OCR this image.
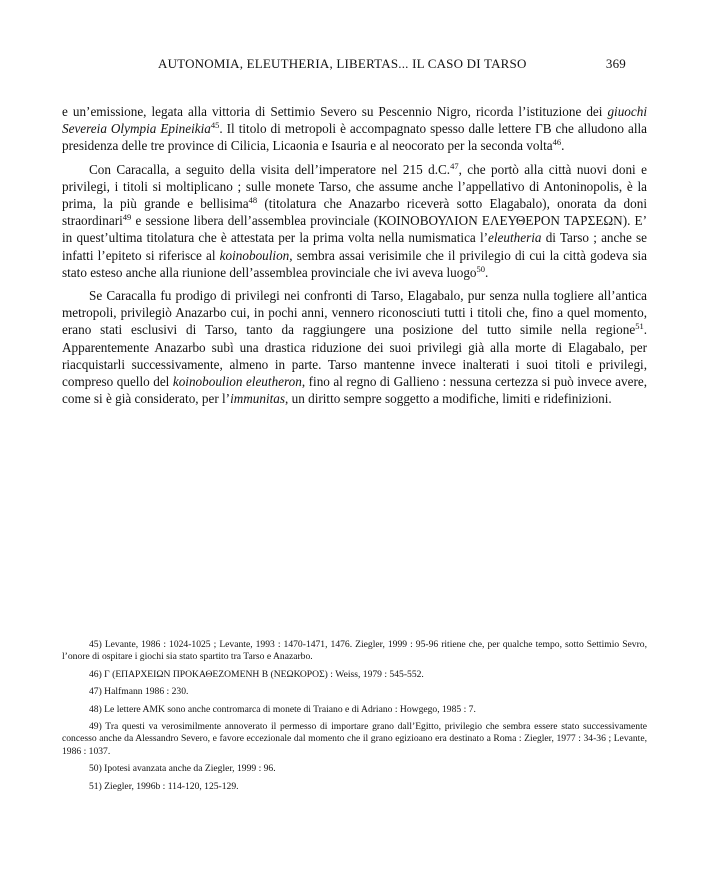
AUTONOMIA, ELEUTHERIA, LIBERTAS... IL CASO DI TARSO	369

e un’emissione, legata alla vittoria di Settimio Severo su Pescennio Nigro, ricorda l’istituzione dei giuochi Severeia Olympia Epineikia$^{45}$. Il titolo di metropoli è accompagnato spesso dalle lettere ΓΒ che alludono alla presidenza delle tre province di Cilicia, Licaonia e Isauria e al neocorato per la seconda volta$^{46}$.

Con Caracalla, a seguito della visita dell’imperatore nel 215 d.C.$^{47}$, che portò alla città nuovi doni e privilegi, i titoli si moltiplicano ; sulle monete Tarso, che assume anche l’appellativo di Antoninopolis, è la prima, la più grande e bellisima$^{48}$ (titolatura che Anazarbo riceverà sotto Elagabalo), onorata da doni straordinari$^{49}$ e sessione libera dell’assemblea provinciale (ΚΟΙΝΟΒΟΥΛΙΟΝ ΕΛΕΥΘΕΡΟΝ ΤΑΡΣΕΩΝ). E’ in quest’ultima titolatura che è attestata per la prima volta nella numismatica l’eleutheria di Tarso ; anche se infatti l’epiteto si riferisce al koinoboulion, sembra assai verisimile che il privilegio di cui la città godeva sia stato esteso anche alla riunione dell’assemblea provinciale che ivi aveva luogo$^{50}$.

Se Caracalla fu prodigo di privilegi nei confronti di Tarso, Elagabalo, pur senza nulla togliere all’antica metropoli, privilegiò Anazarbo cui, in pochi anni, vennero riconosciuti tutti i titoli che, fino a quel momento, erano stati esclusivi di Tarso, tanto da raggiungere una posizione del tutto simile nella regione$^{51}$. Apparentemente Anazarbo subì una drastica riduzione dei suoi privilegi già alla morte di Elagabalo, per riacquistarli successivamente, almeno in parte. Tarso mantenne invece inalterati i suoi titoli e privilegi, compreso quello del koinoboulion eleutheron, fino al regno di Gallieno : nessuna certezza si può invece avere, come si è già considerato, per l’immunitas, un diritto sempre soggetto a modifiche, limiti e ridefinizioni.

45) Levante, 1986 : 1024-1025 ; Levante, 1993 : 1470-1471, 1476. Ziegler, 1999 : 95-96 ritiene che, per qualche tempo, sotto Settimio Sevro, l’onore di ospitare i giochi sia stato spartito tra Tarso e Anazarbo.

46) Γ (ΕΠΑΡΧΕΙΩΝ ΠΡΟΚΑΘΕΖΟΜΕΝΗ Β (ΝΕΩΚΟΡΟΣ) : Weiss, 1979 : 545-552.

47) Halfmann 1986 : 230.

48) Le lettere AMK sono anche contromarca di monete di Traiano e di Adriano : Howgego, 1985 : 7.

49) Tra questi va verosimilmente annoverato il permesso di importare grano dall’Egitto, privilegio che sembra essere stato successivamente concesso anche da Alessandro Severo, e favore eccezionale dal momento che il grano egizioano era destinato a Roma : Ziegler, 1977 : 34-36 ; Levante, 1986 : 1037.

50) Ipotesi avanzata anche da Ziegler, 1999 : 96.

51) Ziegler, 1996b : 114-120, 125-129.
